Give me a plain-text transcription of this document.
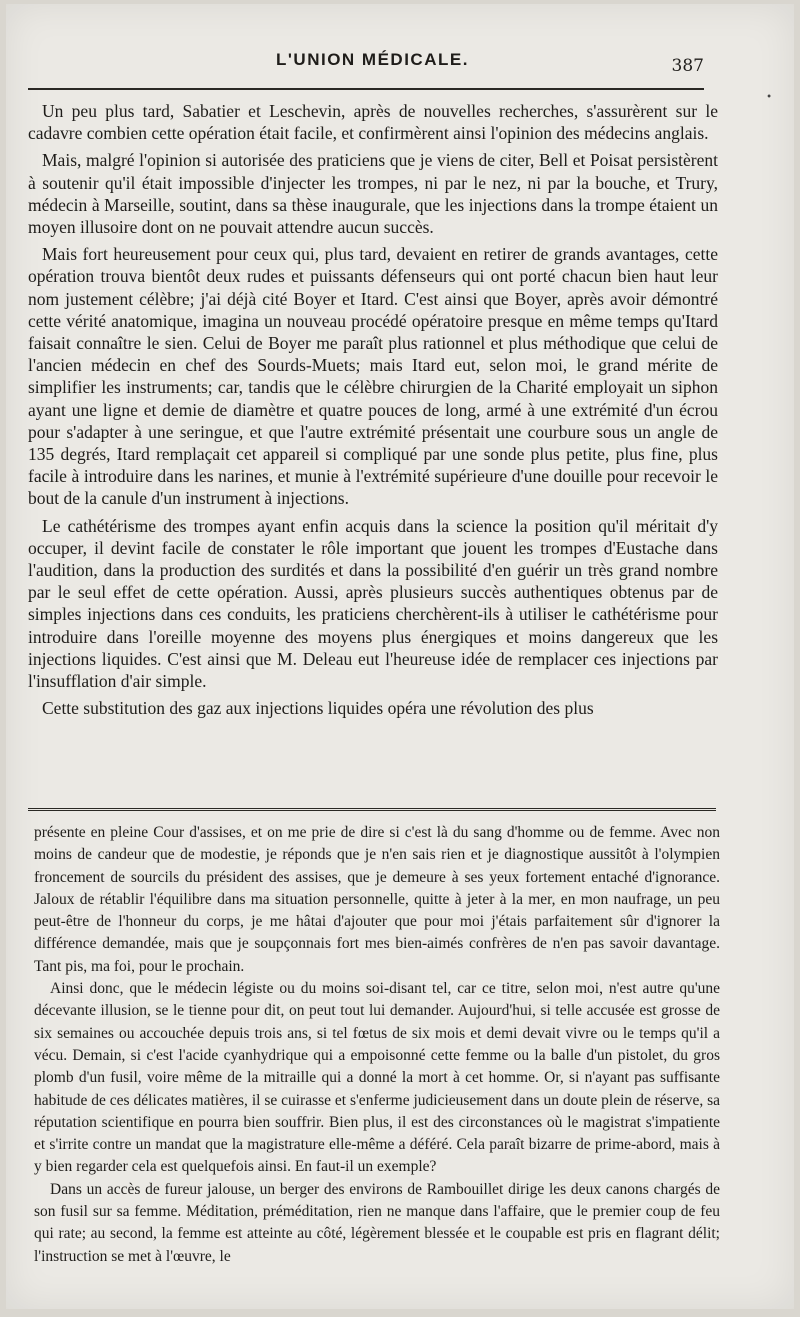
L'UNION MÉDICALE.	387
•

Un peu plus tard, Sabatier et Leschevin, après de nouvelles recherches, s'assurèrent sur le cadavre combien cette opération était facile, et confirmèrent ainsi l'opinion des médecins anglais.

Mais, malgré l'opinion si autorisée des praticiens que je viens de citer, Bell et Poisat persistèrent à soutenir qu'il était impossible d'injecter les trompes, ni par le nez, ni par la bouche, et Trury, médecin à Marseille, soutint, dans sa thèse inaugurale, que les injections dans la trompe étaient un moyen illusoire dont on ne pouvait attendre aucun succès.

Mais fort heureusement pour ceux qui, plus tard, devaient en retirer de grands avantages, cette opération trouva bientôt deux rudes et puissants défenseurs qui ont porté chacun bien haut leur nom justement célèbre; j'ai déjà cité Boyer et Itard. C'est ainsi que Boyer, après avoir démontré cette vérité anatomique, imagina un nouveau procédé opératoire presque en même temps qu'Itard faisait connaître le sien. Celui de Boyer me paraît plus rationnel et plus méthodique que celui de l'ancien médecin en chef des Sourds-Muets; mais Itard eut, selon moi, le grand mérite de simplifier les instruments; car, tandis que le célèbre chirurgien de la Charité employait un siphon ayant une ligne et demie de diamètre et quatre pouces de long, armé à une extrémité d'un écrou pour s'adapter à une seringue, et que l'autre extrémité présentait une courbure sous un angle de 135 degrés, Itard remplaçait cet appareil si compliqué par une sonde plus petite, plus fine, plus facile à introduire dans les narines, et munie à l'extrémité supérieure d'une douille pour recevoir le bout de la canule d'un instrument à injections.

Le cathétérisme des trompes ayant enfin acquis dans la science la position qu'il méritait d'y occuper, il devint facile de constater le rôle important que jouent les trompes d'Eustache dans l'audition, dans la production des surdités et dans la possibilité d'en guérir un très grand nombre par le seul effet de cette opération. Aussi, après plusieurs succès authentiques obtenus par de simples injections dans ces conduits, les praticiens cherchèrent-ils à utiliser le cathétérisme pour introduire dans l'oreille moyenne des moyens plus énergiques et moins dangereux que les injections liquides. C'est ainsi que M. Deleau eut l'heureuse idée de remplacer ces injections par l'insufflation d'air simple.

Cette substitution des gaz aux injections liquides opéra une révolution des plus

présente en pleine Cour d'assises, et on me prie de dire si c'est là du sang d'homme ou de femme. Avec non moins de candeur que de modestie, je réponds que je n'en sais rien et je diagnostique aussitôt à l'olympien froncement de sourcils du président des assises, que je demeure à ses yeux fortement entaché d'ignorance. Jaloux de rétablir l'équilibre dans ma situation personnelle, quitte à jeter à la mer, en mon naufrage, un peu peut-être de l'honneur du corps, je me hâtai d'ajouter que pour moi j'étais parfaitement sûr d'ignorer la différence demandée, mais que je soupçonnais fort mes bien-aimés confrères de n'en pas savoir davantage. Tant pis, ma foi, pour le prochain.

Ainsi donc, que le médecin légiste ou du moins soi-disant tel, car ce titre, selon moi, n'est autre qu'une décevante illusion, se le tienne pour dit, on peut tout lui demander. Aujourd'hui, si telle accusée est grosse de six semaines ou accouchée depuis trois ans, si tel fœtus de six mois et demi devait vivre ou le temps qu'il a vécu. Demain, si c'est l'acide cyanhydrique qui a empoisonné cette femme ou la balle d'un pistolet, du gros plomb d'un fusil, voire même de la mitraille qui a donné la mort à cet homme. Or, si n'ayant pas suffisante habitude de ces délicates matières, il se cuirasse et s'enferme judicieusement dans un doute plein de réserve, sa réputation scientifique en pourra bien souffrir. Bien plus, il est des circonstances où le magistrat s'impatiente et s'irrite contre un mandat que la magistrature elle-même a déféré. Cela paraît bizarre de prime-abord, mais à y bien regarder cela est quelquefois ainsi. En faut-il un exemple?

Dans un accès de fureur jalouse, un berger des environs de Rambouillet dirige les deux canons chargés de son fusil sur sa femme. Méditation, préméditation, rien ne manque dans l'affaire, que le premier coup de feu qui rate; au second, la femme est atteinte au côté, légèrement blessée et le coupable est pris en flagrant délit; l'instruction se met à l'œuvre, le
